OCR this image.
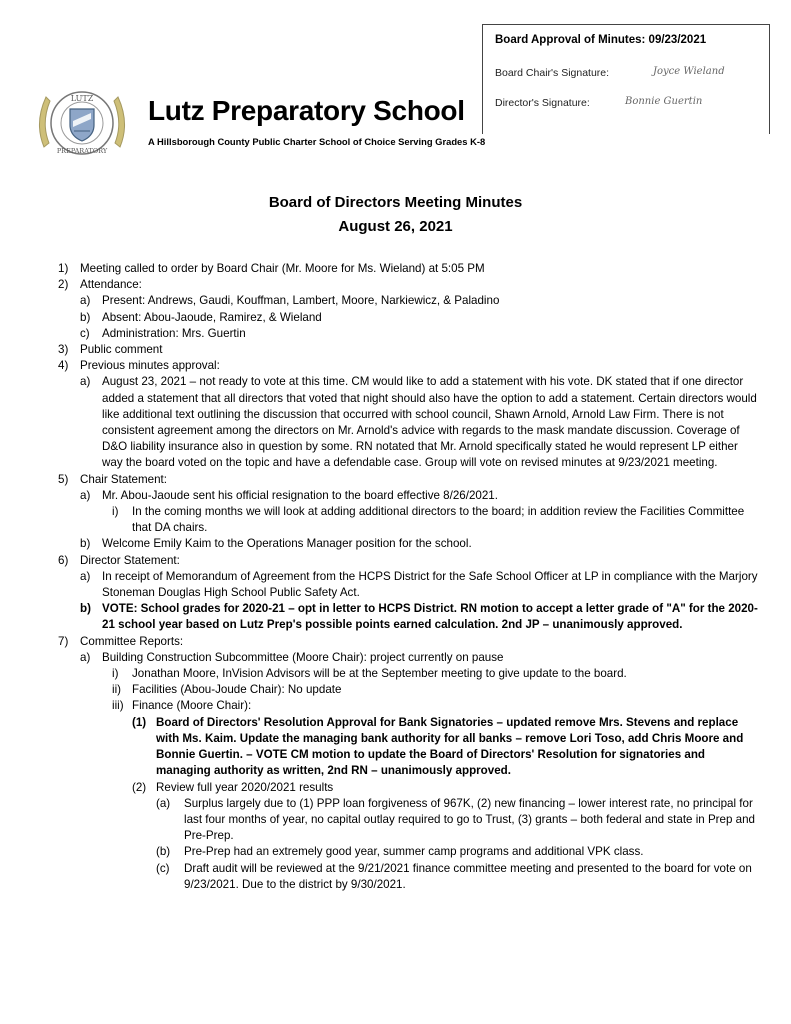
Board Approval of Minutes: 09/23/2021
Board Chair's Signature:	Joyce Wieland
Director's Signature:	Bonnie Guertin
LUTZ
PREPARATORY
Lutz Preparatory School
A Hillsborough County Public Charter School of Choice Serving Grades K-8
Board of Directors Meeting Minutes
August 26, 2021
1) Meeting called to order by Board Chair (Mr. Moore for Ms. Wieland) at 5:05 PM
2) Attendance:
a) Present: Andrews, Gaudi, Kouffman, Lambert, Moore, Narkiewicz, & Paladino
b) Absent: Abou-Jaoude, Ramirez, & Wieland
c) Administration: Mrs. Guertin
3) Public comment
4) Previous minutes approval:
a) August 23, 2021 – not ready to vote at this time. CM would like to add a statement with his vote. DK stated that if one director added a statement that all directors that voted that night should also have the option to add a statement. Certain directors would like additional text outlining the discussion that occurred with school council, Shawn Arnold, Arnold Law Firm. There is not consistent agreement among the directors on Mr. Arnold's advice with regards to the mask mandate discussion. Coverage of D&O liability insurance also in question by some. RN notated that Mr. Arnold specifically stated he would represent LP either way the board voted on the topic and have a defendable case. Group will vote on revised minutes at 9/23/2021 meeting.
5) Chair Statement:
a) Mr. Abou-Jaoude sent his official resignation to the board effective 8/26/2021.
i) In the coming months we will look at adding additional directors to the board; in addition review the Facilities Committee that DA chairs.
b) Welcome Emily Kaim to the Operations Manager position for the school.
6) Director Statement:
a) In receipt of Memorandum of Agreement from the HCPS District for the Safe School Officer at LP in compliance with the Marjory Stoneman Douglas High School Public Safety Act.
b) VOTE: School grades for 2020-21 – opt in letter to HCPS District. RN motion to accept a letter grade of "A" for the 2020-21 school year based on Lutz Prep's possible points earned calculation. 2nd JP – unanimously approved.
7) Committee Reports:
a) Building Construction Subcommittee (Moore Chair): project currently on pause
i) Jonathan Moore, InVision Advisors will be at the September meeting to give update to the board.
ii) Facilities (Abou-Joude Chair): No update
iii) Finance (Moore Chair):
(1) Board of Directors' Resolution Approval for Bank Signatories – updated remove Mrs. Stevens and replace with Ms. Kaim. Update the managing bank authority for all banks – remove Lori Toso, add Chris Moore and Bonnie Guertin. – VOTE CM motion to update the Board of Directors' Resolution for signatories and managing authority as written, 2nd RN – unanimously approved.
(2) Review full year 2020/2021 results
(a) Surplus largely due to (1) PPP loan forgiveness of 967K, (2) new financing – lower interest rate, no principal for last four months of year, no capital outlay required to go to Trust, (3) grants – both federal and state in Prep and Pre-Prep.
(b) Pre-Prep had an extremely good year, summer camp programs and additional VPK class.
(c) Draft audit will be reviewed at the 9/21/2021 finance committee meeting and presented to the board for vote on 9/23/2021. Due to the district by 9/30/2021.
